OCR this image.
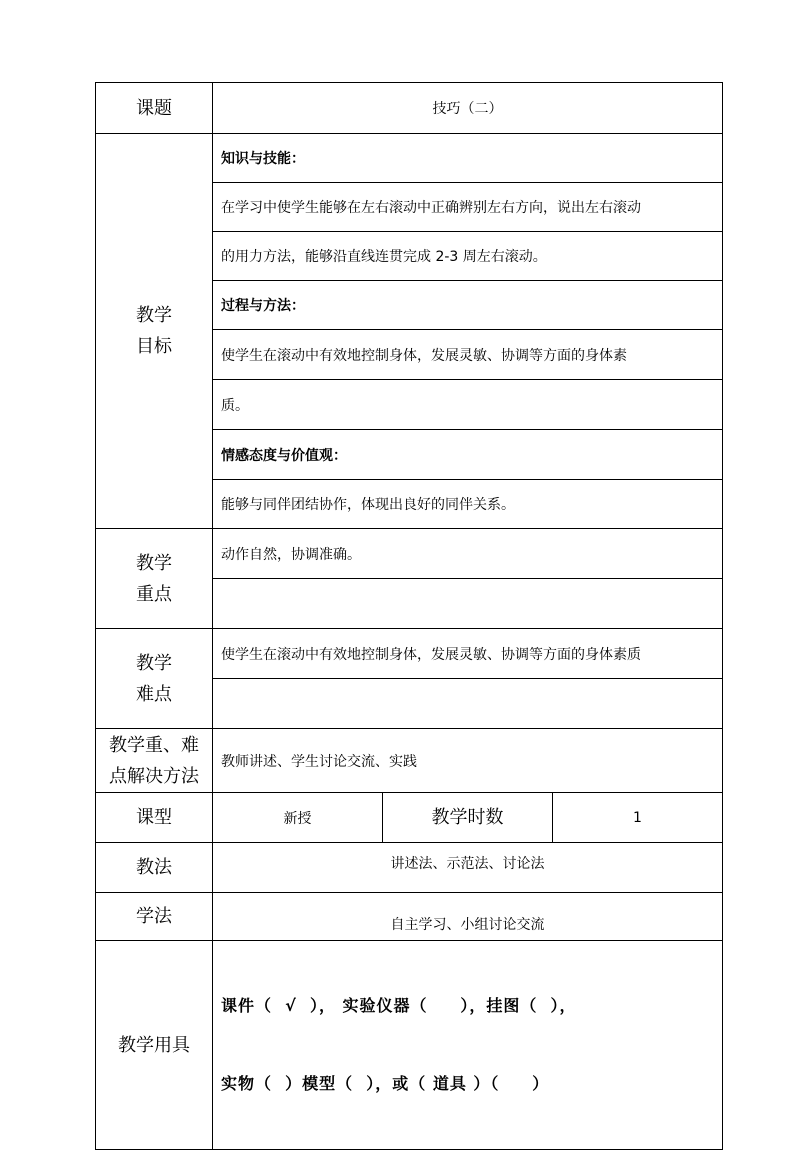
课题	技巧（二）		

教学
目标	知识与技能：		
	在学习中使学生能够在左右滚动中正确辨别左右方向，说出左右滚动		
	的用力方法，能够沿直线连贯完成 2-3 周左右滚动。		
	过程与方法：		
	使学生在滚动中有效地控制身体，发展灵敏、协调等方面的身体素		
	质。		
	情感态度与价值观：		
	能够与同伴团结协作，体现出良好的同伴关系。		

教学
重点	动作自然，协调准确。		

教学
难点	使学生在滚动中有效地控制身体，发展灵敏、协调等方面的身体素质		

教学重、难
点解决方法	教师讲述、学生讨论交流、实践		
课型	新授	教学时数	1
教法	讲述法、示范法、讨论法		
学法	自主学习、小组讨论交流		
教学用具	课件（  √  ）， 实验仪器（     ），挂图（  ），

实物（  ）模型（  ），或（ 道具 ）（     ）		
